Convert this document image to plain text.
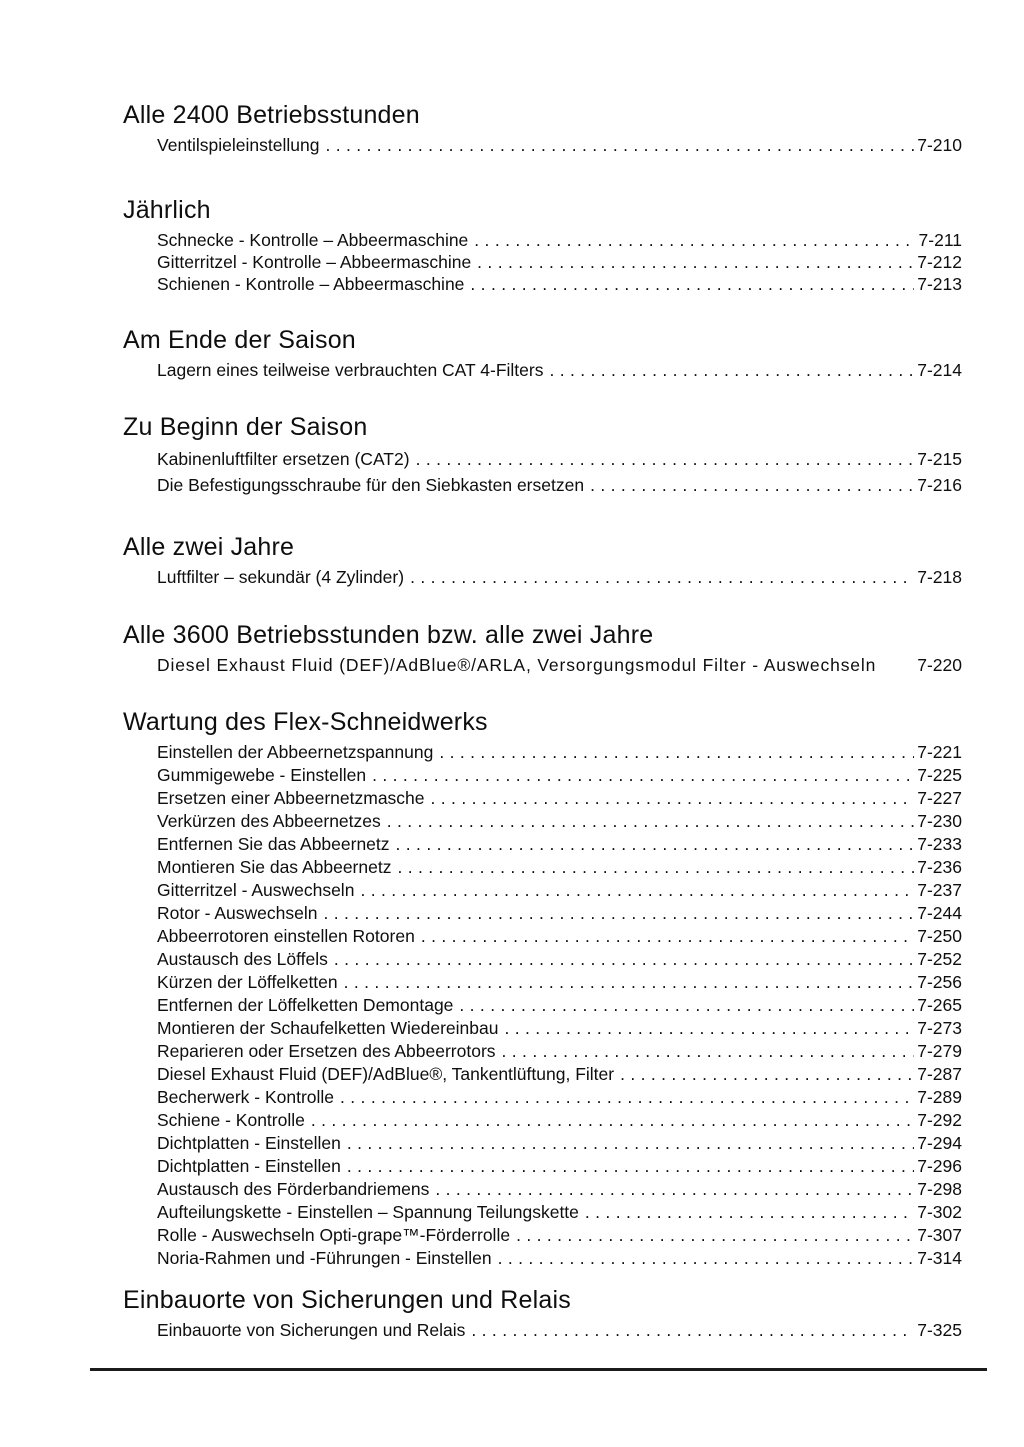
Alle 2400 Betriebsstunden
Ventilspieleinstellung .....	7-210
Jährlich
Schnecke - Kontrolle – Abbeermaschine .....	7-211
Gitterritzel - Kontrolle – Abbeermaschine .....	7-212
Schienen - Kontrolle – Abbeermaschine .....	7-213
Am Ende der Saison
Lagern eines teilweise verbrauchten CAT 4-Filters .....	7-214
Zu Beginn der Saison
Kabinenluftfilter ersetzen (CAT2) .....	7-215
Die Befestigungsschraube für den Siebkasten ersetzen .....	7-216
Alle zwei Jahre
Luftfilter – sekundär (4 Zylinder) .....	7-218
Alle 3600 Betriebsstunden bzw. alle zwei Jahre
Diesel Exhaust Fluid (DEF)/AdBlue®/ARLA, Versorgungsmodul Filter - Auswechseln 7-220
Wartung des Flex-Schneidwerks
Einstellen der Abbeernetzspannung .....	7-221
Gummigewebe - Einstellen .....	7-225
Ersetzen einer Abbeernetzmasche .....	7-227
Verkürzen des Abbeernetzes .....	7-230
Entfernen Sie das Abbeernetz .....	7-233
Montieren Sie das Abbeernetz .....	7-236
Gitterritzel - Auswechseln .....	7-237
Rotor - Auswechseln .....	7-244
Abbeerrotoren einstellen Rotoren .....	7-250
Austausch des Löffels .....	7-252
Kürzen der Löffelketten .....	7-256
Entfernen der Löffelketten Demontage .....	7-265
Montieren der Schaufelketten Wiedereinbau .....	7-273
Reparieren oder Ersetzen des Abbeerrotors .....	7-279
Diesel Exhaust Fluid (DEF)/AdBlue®, Tankentlüftung, Filter .....	7-287
Becherwerk - Kontrolle .....	7-289
Schiene - Kontrolle .....	7-292
Dichtplatten - Einstellen .....	7-294
Dichtplatten - Einstellen .....	7-296
Austausch des Förderbandriemens .....	7-298
Aufteilungskette - Einstellen – Spannung Teilungskette .....	7-302
Rolle - Auswechseln Opti-grape™-Förderrolle .....	7-307
Noria-Rahmen und -Führungen - Einstellen .....	7-314
Einbauorte von Sicherungen und Relais
Einbauorte von Sicherungen und Relais .....	7-325
